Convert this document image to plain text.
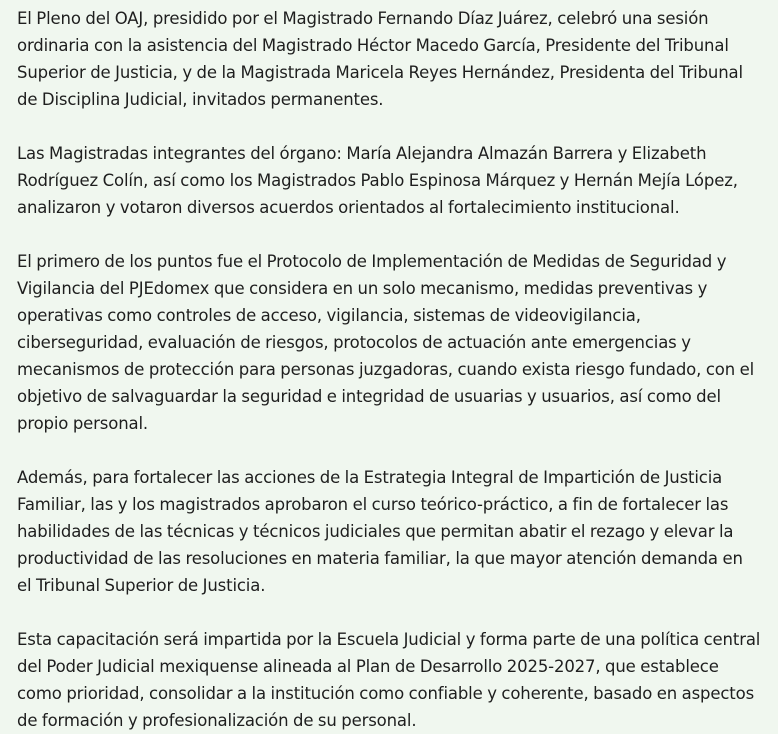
El Pleno del OAJ, presidido por el Magistrado Fernando Díaz Juárez, celebró una sesión ordinaria con la asistencia del Magistrado Héctor Macedo García, Presidente del Tribunal Superior de Justicia, y de la Magistrada Maricela Reyes Hernández, Presidenta del Tribunal de Disciplina Judicial, invitados permanentes.

Las Magistradas integrantes del órgano: María Alejandra Almazán Barrera y Elizabeth Rodríguez Colín, así como los Magistrados Pablo Espinosa Márquez y Hernán Mejía López, analizaron y votaron diversos acuerdos orientados al fortalecimiento institucional.

El primero de los puntos fue el Protocolo de Implementación de Medidas de Seguridad y Vigilancia del PJEdomex que considera en un solo mecanismo, medidas preventivas y operativas como controles de acceso, vigilancia, sistemas de videovigilancia, ciberseguridad, evaluación de riesgos, protocolos de actuación ante emergencias y mecanismos de protección para personas juzgadoras, cuando exista riesgo fundado, con el objetivo de salvaguardar la seguridad e integridad de usuarias y usuarios, así como del propio personal.

Además, para fortalecer las acciones de la Estrategia Integral de Impartición de Justicia Familiar, las y los magistrados aprobaron el curso teórico-práctico, a fin de fortalecer las habilidades de las técnicas y técnicos judiciales que permitan abatir el rezago y elevar la productividad de las resoluciones en materia familiar, la que mayor atención demanda en el Tribunal Superior de Justicia.

Esta capacitación será impartida por la Escuela Judicial y forma parte de una política central del Poder Judicial mexiquense alineada al Plan de Desarrollo 2025-2027, que establece como prioridad, consolidar a la institución como confiable y coherente, basado en aspectos de formación y profesionalización de su personal.
